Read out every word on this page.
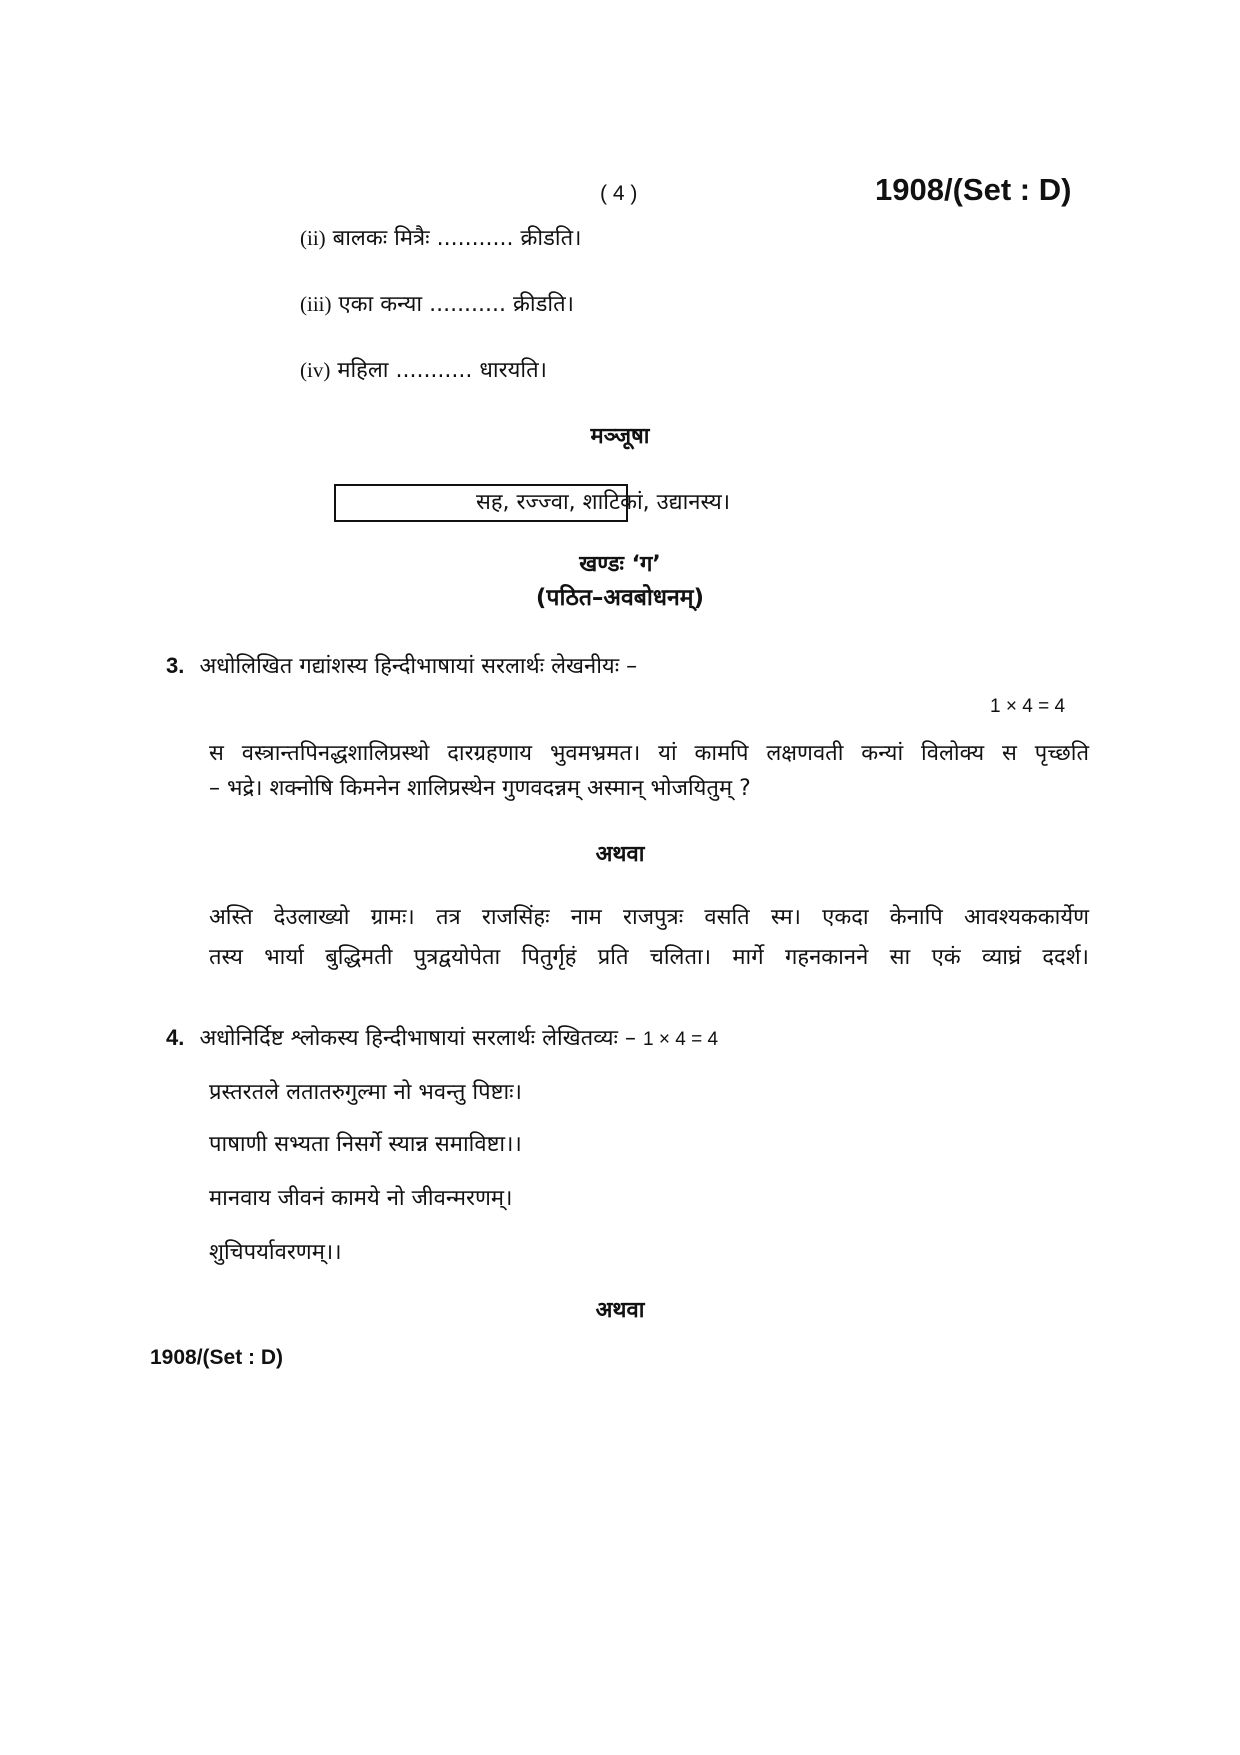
( 4 )	1908/(Set : D)
(ii) बालकः मित्रैः ........... क्रीडति।
(iii) एका कन्या ........... क्रीडति।
(iv) महिला ........... धारयति।
मञ्जूषा
सह, रज्ज्वा, शाटिकां, उद्यानस्य।
खण्डः ‘ग’
(पठित–अवबोधनम्)
3. अधोलिखित गद्यांशस्य हिन्दीभाषायां सरलार्थः लेखनीयः –
1 × 4 = 4
स वस्त्रान्तपिनद्धशालिप्रस्थो दारग्रहणाय भुवमभ्रमत। यां कामपि लक्षणवती कन्यां विलोक्य स पृच्छति
– भद्रे। शक्नोषि किमनेन शालिप्रस्थेन गुणवदन्नम् अस्मान् भोजयितुम् ?
अथवा
अस्ति देउलाख्यो ग्रामः। तत्र राजसिंहः नाम राजपुत्रः वसति स्म। एकदा केनापि आवश्यककार्येण
तस्य भार्या बुद्धिमती पुत्रद्वयोपेता पितुर्गृहं प्रति चलिता। मार्गे गहनकानने सा एकं व्याघ्रं ददर्श।
4. अधोनिर्दिष्ट श्लोकस्य हिन्दीभाषायां सरलार्थः लेखितव्यः – 1 × 4 = 4
प्रस्तरतले लतातरुगुल्मा नो भवन्तु पिष्टाः।
पाषाणी सभ्यता निसर्गे स्यान्न समाविष्टा।।
मानवाय जीवनं कामये नो जीवन्मरणम्।
शुचिपर्यावरणम्।।
अथवा
1908/(Set : D)
